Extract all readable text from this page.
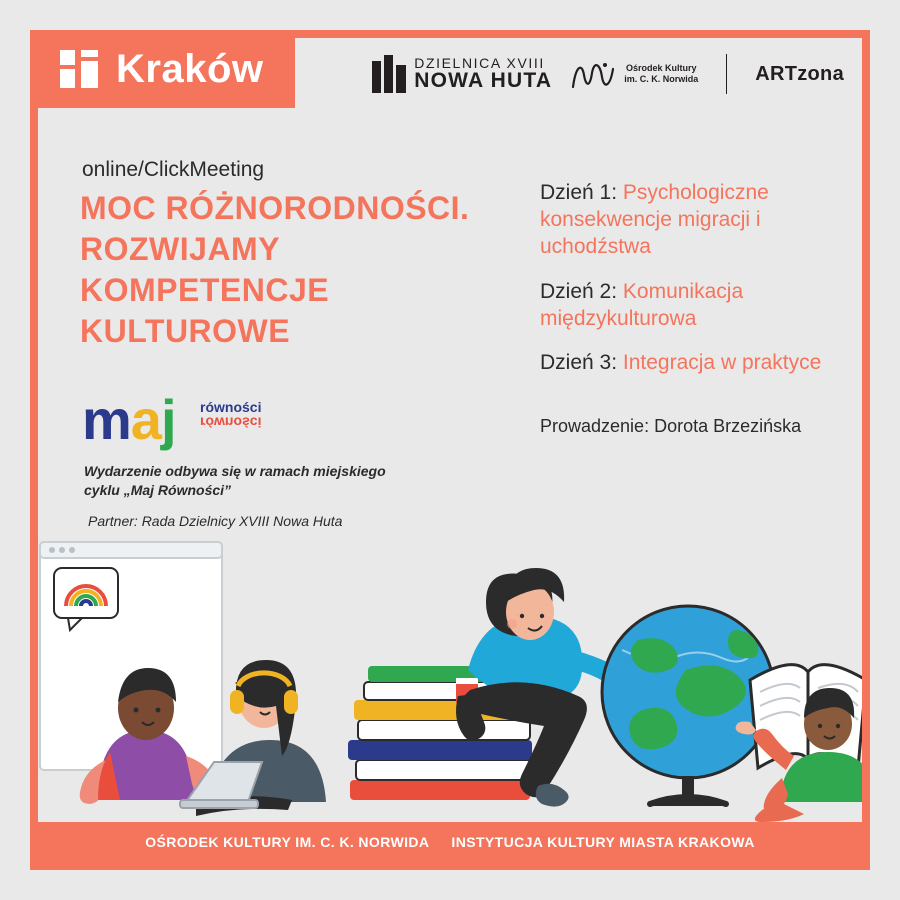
Kraków	DZIELNICA XVIII
NOWA HUTA
Ośrodek Kultury
im. C. K. Norwida	ARTzona
online/ClickMeeting
MOC RÓŻNORODNOŚCI.
ROZWIJAMY
KOMPETENCJE
KULTUROWE
maj równości
równości
Wydarzenie odbywa się w ramach miejskiego cyklu „Maj Równości”
Partner: Rada Dzielnicy XVIII Nowa Huta
Dzień 1: Psychologiczne konsekwencje migracji i uchodźstwa
Dzień 2: Komunikacja międzykulturowa
Dzień 3: Integracja w praktyce
Prowadzenie: Dorota Brzezińska
OŚRODEK KULTURY IM. C. K. NORWIDA INSTYTUCJA KULTURY MIASTA KRAKOWA
